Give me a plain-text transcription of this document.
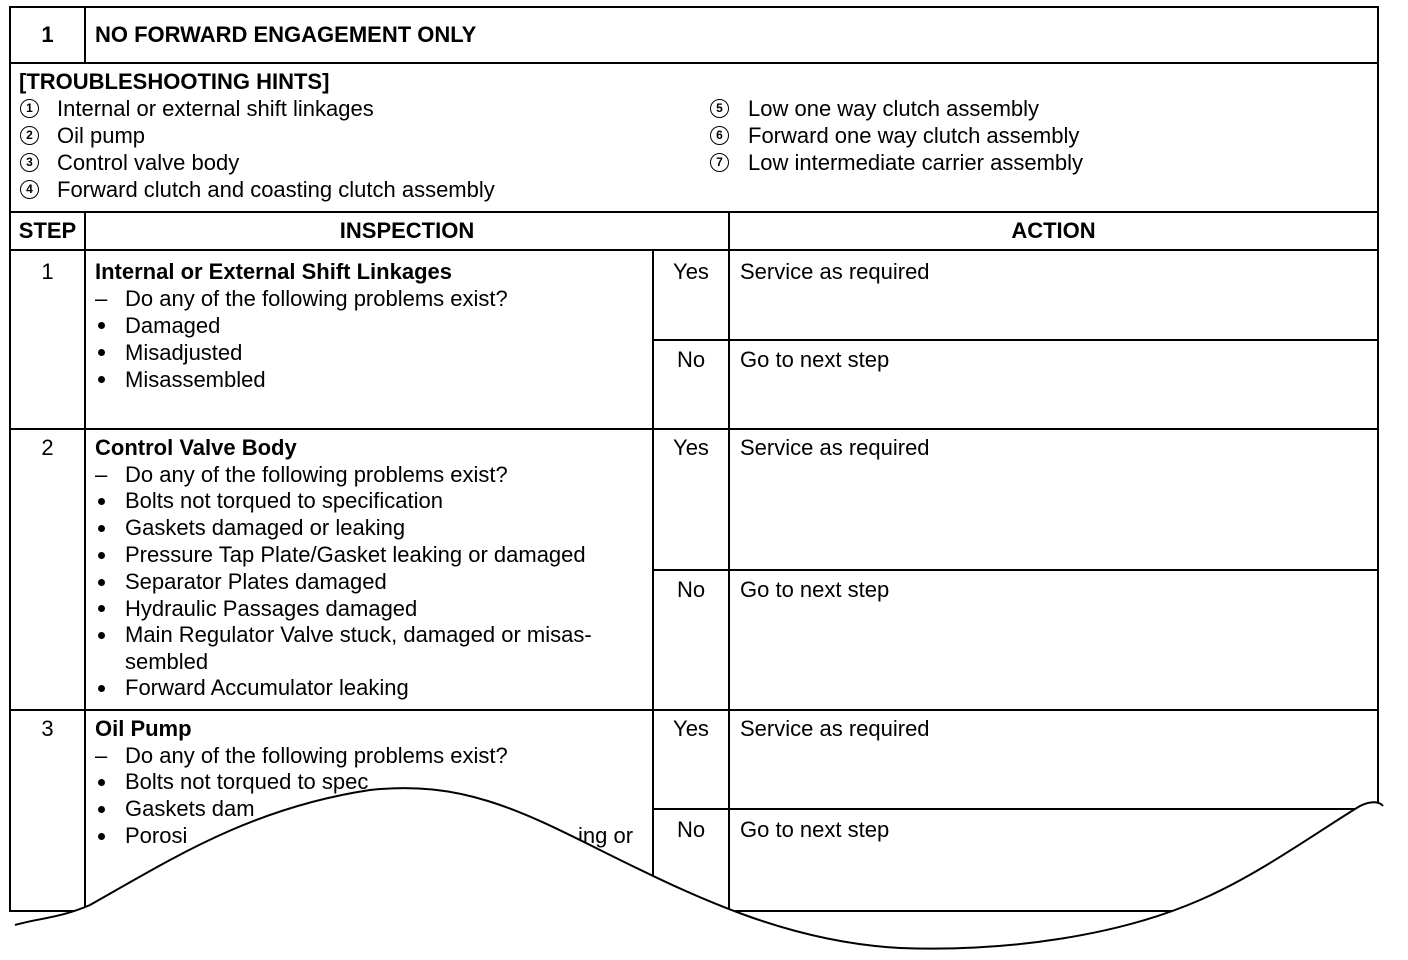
1	NO FORWARD ENGAGEMENT ONLY
[TROUBLESHOOTING HINTS]
1 Internal or external shift linkages
2 Oil pump
3 Control valve body
4 Forward clutch and coasting clutch assembly
5 Low one way clutch assembly
6 Forward one way clutch assembly
7 Low intermediate carrier assembly
STEP	INSPECTION	ACTION
1	Internal or External Shift Linkages
– Do any of the following problems exist?
Damaged
Misadjusted
Misassembled
Yes	Service as required
No	Go to next step
2	Control Valve Body
– Do any of the following problems exist?
Bolts not torqued to specification
Gaskets damaged or leaking
Pressure Tap Plate/Gasket leaking or damaged
Separator Plates damaged
Hydraulic Passages damaged
Main Regulator Valve stuck, damaged or misas-
sembled
Forward Accumulator leaking
Yes	Service as required
No	Go to next step
3	Oil Pump
– Do any of the following problems exist?
Bolts not torqued to spec
Gaskets dam
Porosi	ing or
Yes	Service as required
No	Go to next step
